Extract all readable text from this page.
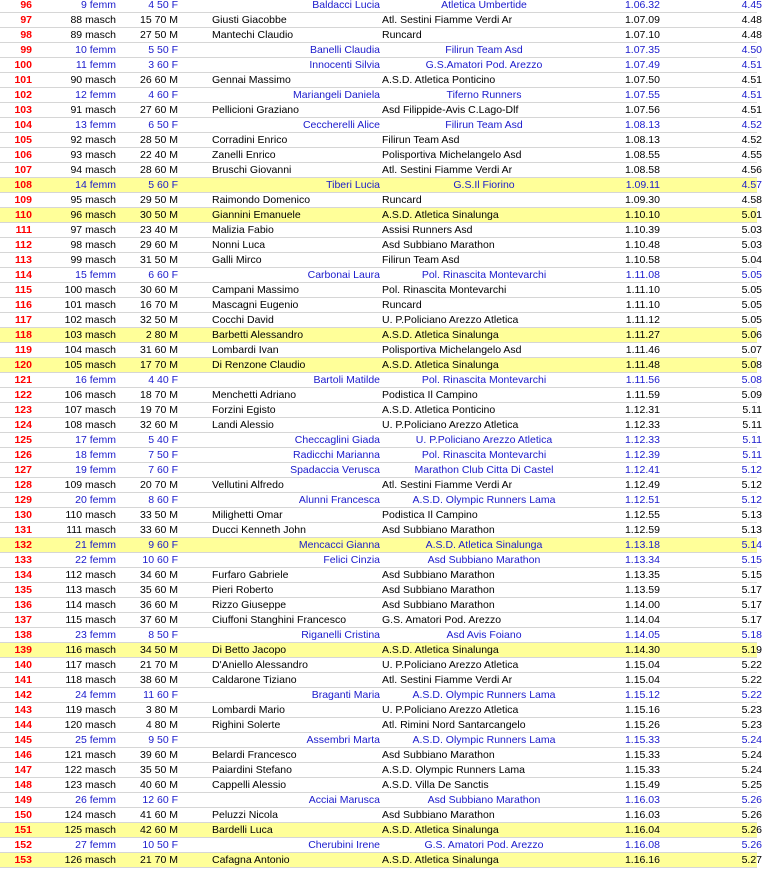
96	9 femm	4 50 F	Baldacci Lucia	Atletica Umbertide	1.06.32	4.45
97	88 masch	15 70 M	Giusti Giacobbe	Atl. Sestini Fiamme Verdi Ar	1.07.09	4.48
98	89 masch	27 50 M	Mantechi Claudio	Runcard	1.07.10	4.48
99	10 femm	5 50 F	Banelli Claudia	Filirun Team Asd	1.07.35	4.50
100	11 femm	3 60 F	Innocenti Silvia	G.S.Amatori Pod. Arezzo	1.07.49	4.51
101	90 masch	26 60 M	Gennai Massimo	A.S.D. Atletica Ponticino	1.07.50	4.51
102	12 femm	4 60 F	Mariangeli Daniela	Tiferno Runners	1.07.55	4.51
103	91 masch	27 60 M	Pellicioni Graziano	Asd Filippide-Avis C.Lago-Dlf	1.07.56	4.51
104	13 femm	6 50 F	Ceccherelli Alice	Filirun Team Asd	1.08.13	4.52
105	92 masch	28 50 M	Corradini Enrico	Filirun Team Asd	1.08.13	4.52
106	93 masch	22 40 M	Zanelli Enrico	Polisportiva Michelangelo Asd	1.08.55	4.55
107	94 masch	28 60 M	Bruschi Giovanni	Atl. Sestini Fiamme Verdi Ar	1.08.58	4.56
108	14 femm	5 60 F	Tiberi Lucia	G.S.Il Fiorino	1.09.11	4.57
109	95 masch	29 50 M	Raimondo Domenico	Runcard	1.09.30	4.58
110	96 masch	30 50 M	Giannini Emanuele	A.S.D. Atletica Sinalunga	1.10.10	5.01
111	97 masch	23 40 M	Malizia Fabio	Assisi Runners Asd	1.10.39	5.03
112	98 masch	29 60 M	Nonni Luca	Asd Subbiano Marathon	1.10.48	5.03
113	99 masch	31 50 M	Galli Mirco	Filirun Team Asd	1.10.58	5.04
114	15 femm	6 60 F	Carbonai Laura	Pol. Rinascita Montevarchi	1.11.08	5.05
115	100 masch	30 60 M	Campani Massimo	Pol. Rinascita Montevarchi	1.11.10	5.05
116	101 masch	16 70 M	Mascagni Eugenio	Runcard	1.11.10	5.05
117	102 masch	32 50 M	Cocchi David	U. P.Policiano Arezzo Atletica	1.11.12	5.05
118	103 masch	2 80 M	Barbetti Alessandro	A.S.D. Atletica Sinalunga	1.11.27	5.06
119	104 masch	31 60 M	Lombardi Ivan	Polisportiva Michelangelo Asd	1.11.46	5.07
120	105 masch	17 70 M	Di Renzone Claudio	A.S.D. Atletica Sinalunga	1.11.48	5.08
121	16 femm	4 40 F	Bartoli Matilde	Pol. Rinascita Montevarchi	1.11.56	5.08
122	106 masch	18 70 M	Menchetti Adriano	Podistica Il Campino	1.11.59	5.09
123	107 masch	19 70 M	Forzini Egisto	A.S.D. Atletica Ponticino	1.12.31	5.11
124	108 masch	32 60 M	Landi Alessio	U. P.Policiano Arezzo Atletica	1.12.33	5.11
125	17 femm	5 40 F	Checcaglini Giada	U. P.Policiano Arezzo Atletica	1.12.33	5.11
126	18 femm	7 50 F	Radicchi Marianna	Pol. Rinascita Montevarchi	1.12.39	5.11
127	19 femm	7 60 F	Spadaccia Verusca	Marathon Club Citta Di Castel	1.12.41	5.12
128	109 masch	20 70 M	Vellutini Alfredo	Atl. Sestini Fiamme Verdi Ar	1.12.49	5.12
129	20 femm	8 60 F	Alunni Francesca	A.S.D. Olympic Runners Lama	1.12.51	5.12
130	110 masch	33 50 M	Milighetti Omar	Podistica Il Campino	1.12.55	5.13
131	111 masch	33 60 M	Ducci Kenneth John	Asd Subbiano Marathon	1.12.59	5.13
132	21 femm	9 60 F	Mencacci Gianna	A.S.D. Atletica Sinalunga	1.13.18	5.14
133	22 femm	10 60 F	Felici Cinzia	Asd Subbiano Marathon	1.13.34	5.15
134	112 masch	34 60 M	Furfaro Gabriele	Asd Subbiano Marathon	1.13.35	5.15
135	113 masch	35 60 M	Pieri Roberto	Asd Subbiano Marathon	1.13.59	5.17
136	114 masch	36 60 M	Rizzo Giuseppe	Asd Subbiano Marathon	1.14.00	5.17
137	115 masch	37 60 M	Ciuffoni Stanghini Francesco	G.S. Amatori Pod. Arezzo	1.14.04	5.17
138	23 femm	8 50 F	Riganelli Cristina	Asd Avis Foiano	1.14.05	5.18
139	116 masch	34 50 M	Di Betto Jacopo	A.S.D. Atletica Sinalunga	1.14.30	5.19
140	117 masch	21 70 M	D'Aniello Alessandro	U. P.Policiano Arezzo Atletica	1.15.04	5.22
141	118 masch	38 60 M	Caldarone Tiziano	Atl. Sestini Fiamme Verdi Ar	1.15.04	5.22
142	24 femm	11 60 F	Braganti Maria	A.S.D. Olympic Runners Lama	1.15.12	5.22
143	119 masch	3 80 M	Lombardi Mario	U. P.Policiano Arezzo Atletica	1.15.16	5.23
144	120 masch	4 80 M	Righini Solerte	Atl. Rimini Nord Santarcangelo	1.15.26	5.23
145	25 femm	9 50 F	Assembri Marta	A.S.D. Olympic Runners Lama	1.15.33	5.24
146	121 masch	39 60 M	Belardi Francesco	Asd Subbiano Marathon	1.15.33	5.24
147	122 masch	35 50 M	Paiardini Stefano	A.S.D. Olympic Runners Lama	1.15.33	5.24
148	123 masch	40 60 M	Cappelli Alessio	A.S.D. Villa De Sanctis	1.15.49	5.25
149	26 femm	12 60 F	Acciai Marusca	Asd Subbiano Marathon	1.16.03	5.26
150	124 masch	41 60 M	Peluzzi Nicola	Asd Subbiano Marathon	1.16.03	5.26
151	125 masch	42 60 M	Bardelli Luca	A.S.D. Atletica Sinalunga	1.16.04	5.26
152	27 femm	10 50 F	Cherubini Irene	G.S. Amatori Pod. Arezzo	1.16.08	5.26
153	126 masch	21 70 M	Cafagna Antonio	A.S.D. Atletica Sinalunga	1.16.16	5.27
